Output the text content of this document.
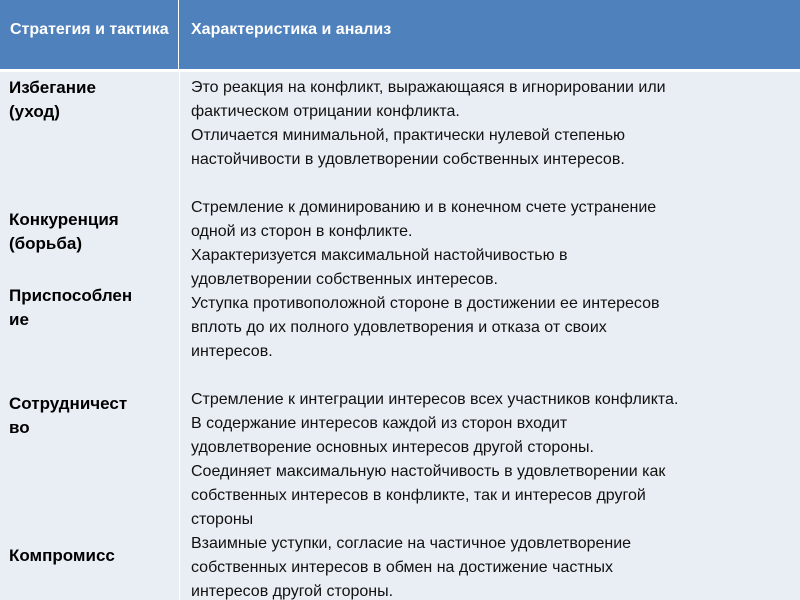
Стратегия и тактика	Характеристика и анализ
Избегание
(уход)
Конкуренция
(борьба)
Приспособлен
ие
Сотрудничест
во
Компромисс
Это реакция на конфликт, выражающаяся в игнорировании или
фактическом отрицании конфликта.
Отличается минимальной, практически нулевой степенью
настойчивости в удовлетворении собственных интересов.
Стремление к доминированию и в конечном счете устранение
одной из сторон в конфликте.
Характеризуется максимальной настойчивостью в
удовлетворении собственных интересов.
Уступка противоположной стороне в достижении ее интересов
вплоть до их полного удовлетворения и отказа от своих
интересов.
Стремление к интеграции интересов всех участников конфликта.
В содержание интересов каждой из сторон входит
удовлетворение основных интересов другой стороны.
Соединяет максимальную настойчивость в удовлетворении как
собственных интересов в конфликте, так и интересов другой
стороны
Взаимные уступки, согласие на частичное удовлетворение
собственных интересов в обмен на достижение частных
интересов другой стороны.
